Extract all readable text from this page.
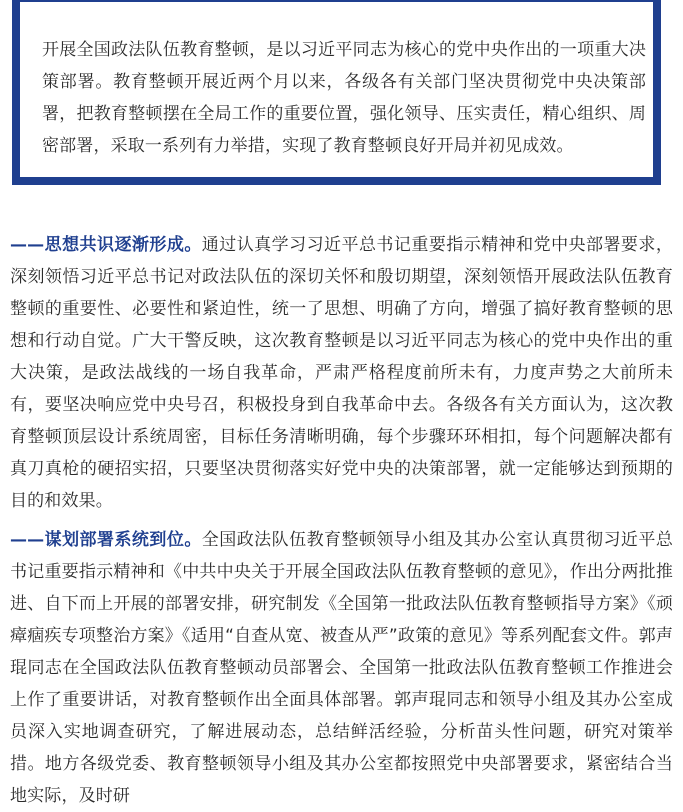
开展全国政法队伍教育整顿，是以习近平同志为核心的党中央作出的一项重大决策部署。教育整顿开展近两个月以来，各级各有关部门坚决贯彻党中央决策部署，把教育整顿摆在全局工作的重要位置，强化领导、压实责任，精心组织、周密部署，采取一系列有力举措，实现了教育整顿良好开局并初见成效。

——思想共识逐渐形成。通过认真学习习近平总书记重要指示精神和党中央部署要求，深刻领悟习近平总书记对政法队伍的深切关怀和殷切期望，深刻领悟开展政法队伍教育整顿的重要性、必要性和紧迫性，统一了思想、明确了方向，增强了搞好教育整顿的思想和行动自觉。广大干警反映，这次教育整顿是以习近平同志为核心的党中央作出的重大决策，是政法战线的一场自我革命，严肃严格程度前所未有，力度声势之大前所未有，要坚决响应党中央号召，积极投身到自我革命中去。各级各有关方面认为，这次教育整顿顶层设计系统周密，目标任务清晰明确，每个步骤环环相扣，每个问题解决都有真刀真枪的硬招实招，只要坚决贯彻落实好党中央的决策部署，就一定能够达到预期的目的和效果。

——谋划部署系统到位。全国政法队伍教育整顿领导小组及其办公室认真贯彻习近平总书记重要指示精神和《中共中央关于开展全国政法队伍教育整顿的意见》，作出分两批推进、自下而上开展的部署安排，研究制发《全国第一批政法队伍教育整顿指导方案》《顽瘴痼疾专项整治方案》《适用“自查从宽、被查从严”政策的意见》等系列配套文件。郭声琨同志在全国政法队伍教育整顿动员部署会、全国第一批政法队伍教育整顿工作推进会上作了重要讲话，对教育整顿作出全面具体部署。郭声琨同志和领导小组及其办公室成员深入实地调查研究，了解进展动态，总结鲜活经验，分析苗头性问题，研究对策举措。地方各级党委、教育整顿领导小组及其办公室都按照党中央部署要求，紧密结合当地实际，及时研
